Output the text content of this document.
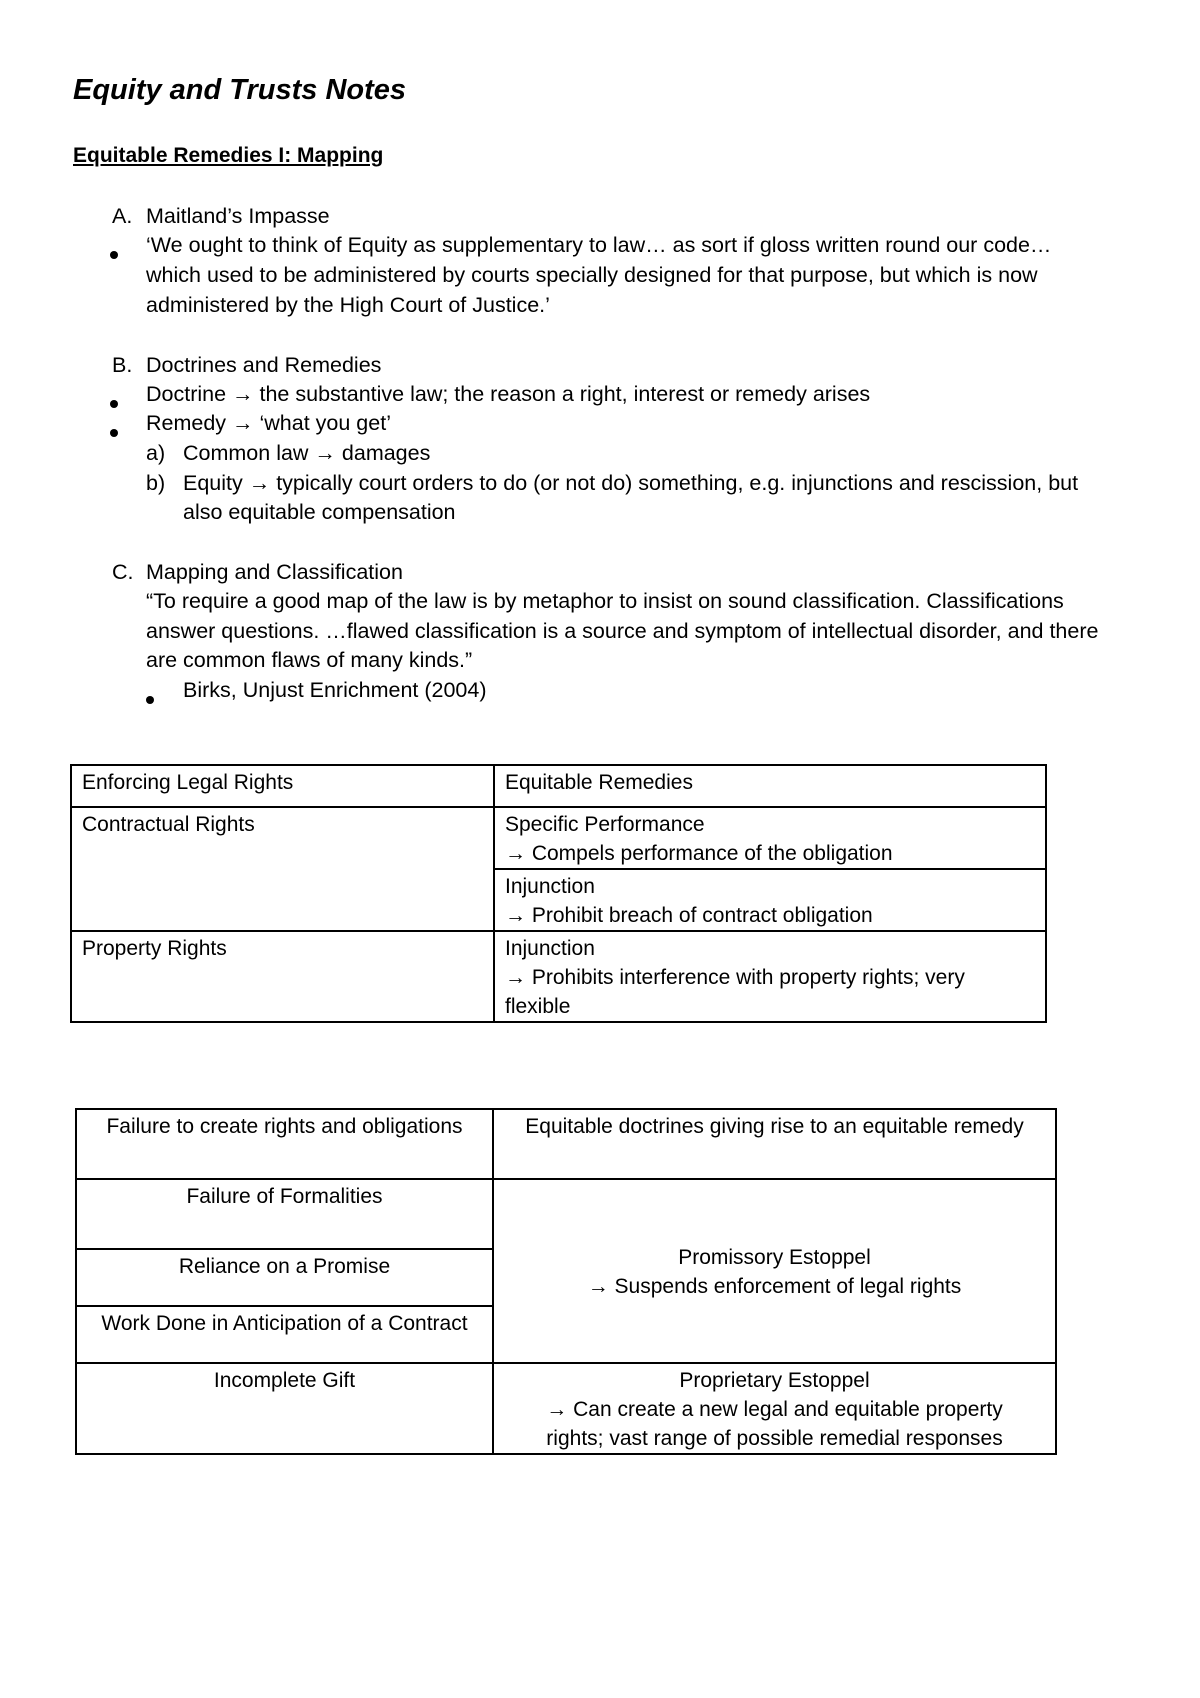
Equity and Trusts Notes
Equitable Remedies I: Mapping
A. Maitland’s Impasse
‘We ought to think of Equity as supplementary to law… as sort if gloss written round our code…
which used to be administered by courts specially designed for that purpose, but which is now
administered by the High Court of Justice.’
B. Doctrines and Remedies
Doctrine → the substantive law; the reason a right, interest or remedy arises
Remedy → ‘what you get’
a) Common law → damages
b) Equity → typically court orders to do (or not do) something, e.g. injunctions and rescission, but
also equitable compensation
C. Mapping and Classification
“To require a good map of the law is by metaphor to insist on sound classification. Classifications
answer questions. …flawed classification is a source and symptom of intellectual disorder, and there
are common flaws of many kinds.”
Birks, Unjust Enrichment (2004)
Enforcing Legal Rights	Equitable Remedies
Contractual Rights	Specific Performance
→ Compels performance of the obligation

	Injunction
→ Prohibit breach of contract obligation

Property Rights	Injunction
→ Prohibits interference with property rights; very
flexible
Failure to create rights and obligations	Equitable doctrines giving rise to an equitable remedy
Failure of Formalities	Promissory Estoppel
→ Suspends enforcement of legal rights

Reliance on a Promise	
Work Done in Anticipation of a Contract	
Incomplete Gift	Proprietary Estoppel
→ Can create a new legal and equitable property
rights; vast range of possible remedial responses
